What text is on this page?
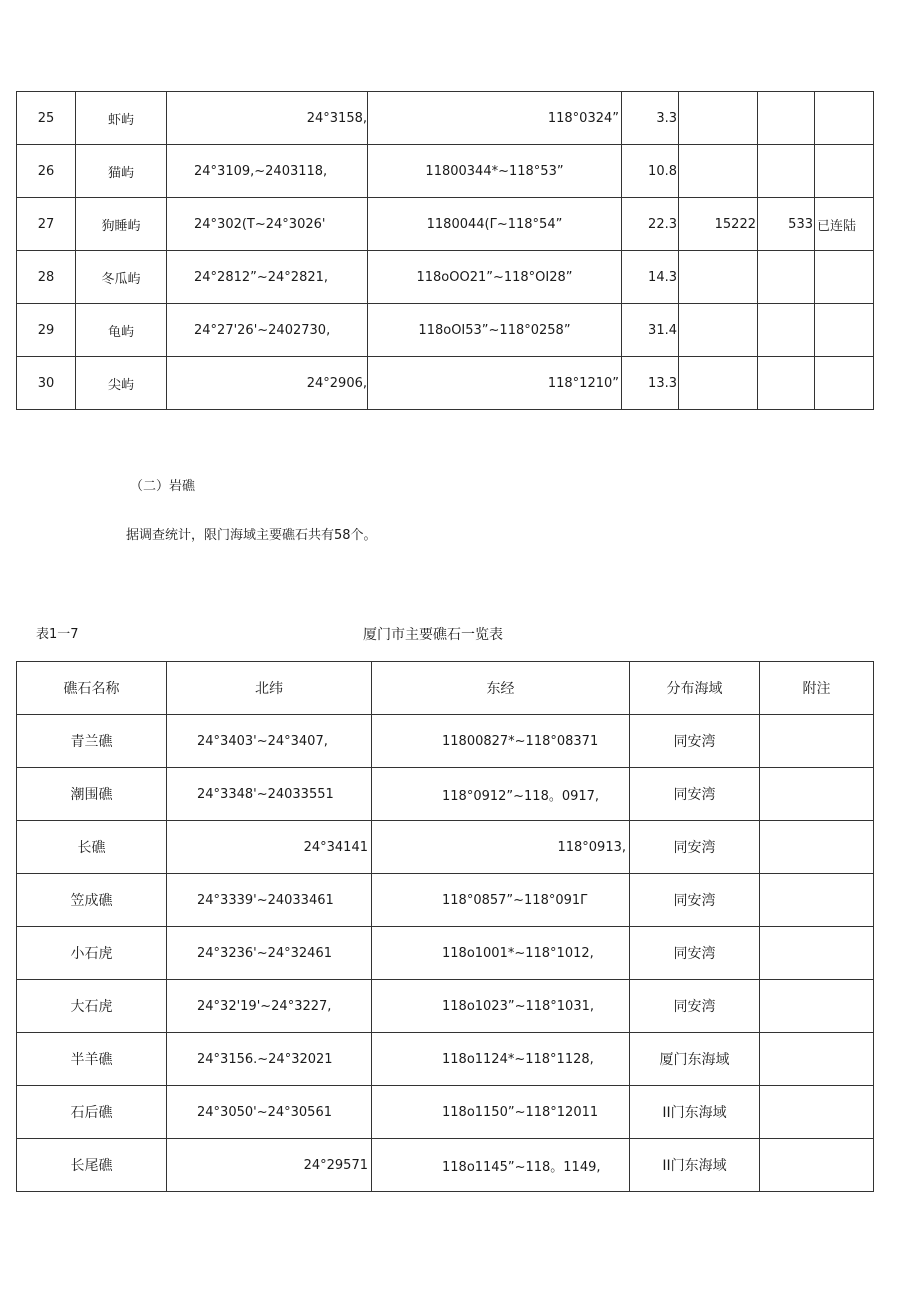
25	虾屿	24°3158,	118°0324”	3.3			
26	猫屿	24°3109,~2403118,	11800344*~118°53”	10.8			
27	狗睡屿	24°302(T~24°3026'	1180044(Γ~118°54”	22.3	15222	533	已连陆
28	冬瓜屿	24°2812”~24°2821,	118oOO21”~118°OI28”	14.3			
29	龟屿	24°27'26'~2402730,	118oOI53”~118°0258”	31.4			
30	尖屿	24°2906,	118°1210”	13.3			
（二）岩礁
据调查统计，限门海域主要礁石共有58个。
表1一7	厦门市主要礁石一览表
礁石名称	北纬	东经	分布海域	附注
青兰礁	24°3403'~24°3407,	11800827*~118°08371	同安湾	
潮围礁	24°3348'~24033551	118°0912”~118。0917,	同安湾	
长礁	24°34141	118°0913,	同安湾	
笠成礁	24°3339'~24033461	118°0857”~118°091Γ	同安湾	
小石虎	24°3236'~24°32461	118o1001*~118°1012,	同安湾	
大石虎	24°32'19'~24°3227,	118o1023”~118°1031,	同安湾	
半羊礁	24°3156.~24°32021	118o1124*~118°1128,	厦门东海域	
石后礁	24°3050'~24°30561	118o1150”~118°12011	II门东海域	
长尾礁	24°29571	118o1145”~118。1149,	II门东海域	
